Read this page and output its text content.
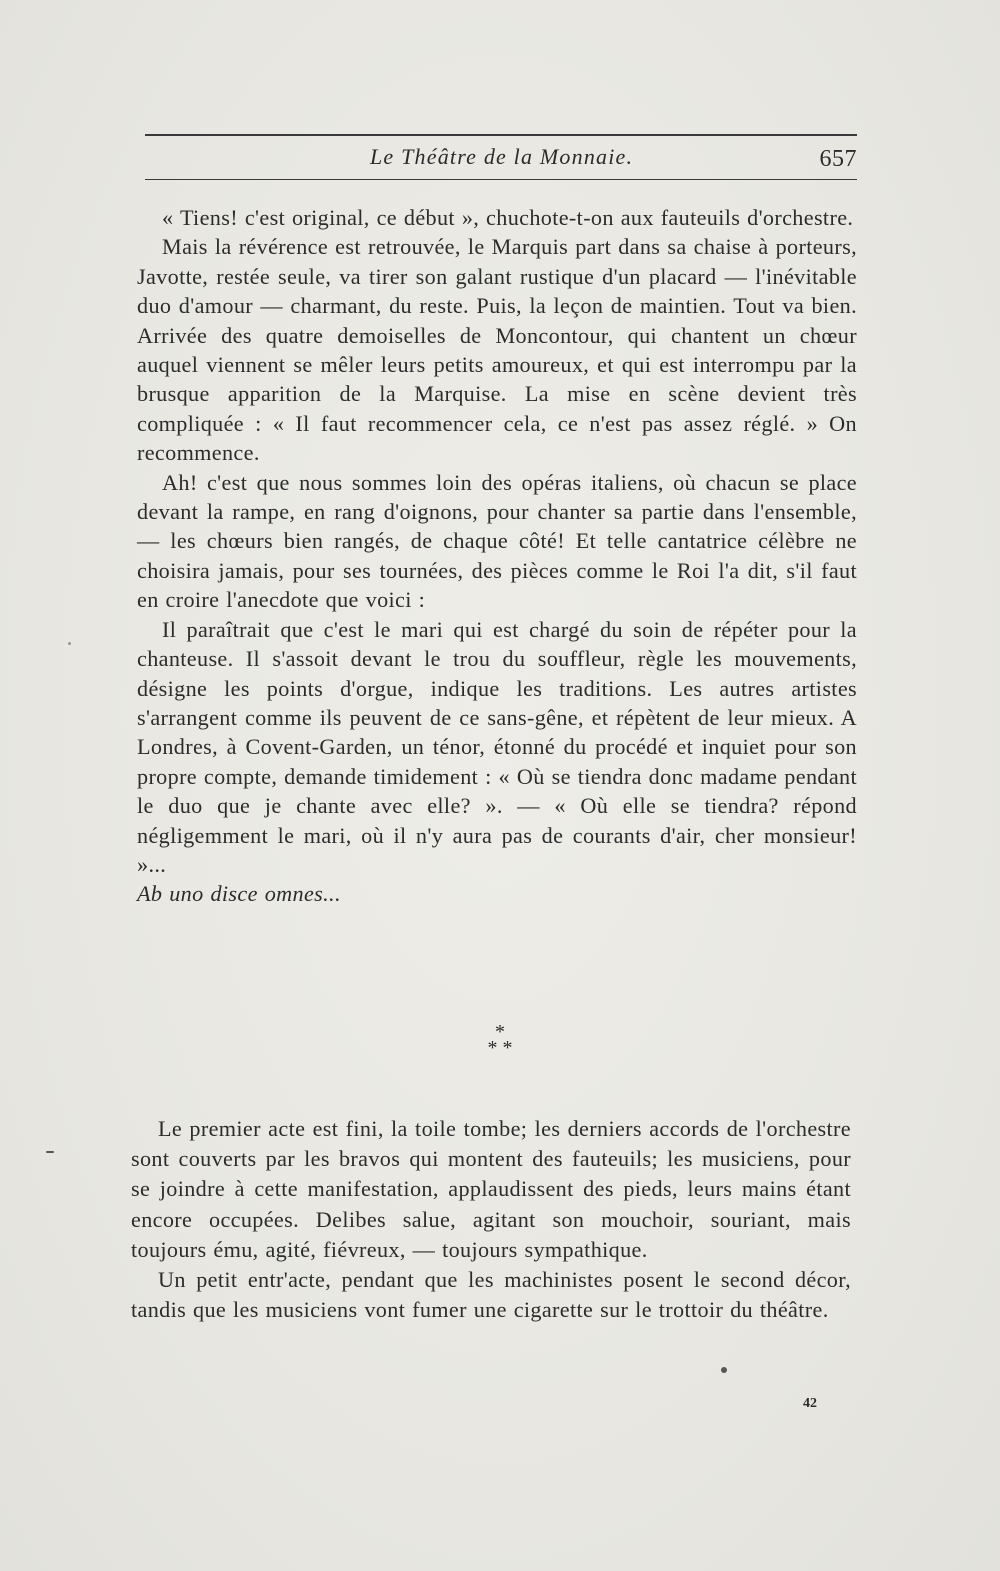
Le Théâtre de la Monnaie.	657

« Tiens! c'est original, ce début », chuchote-t-on aux fauteuils d'orchestre.

Mais la révérence est retrouvée, le Marquis part dans sa chaise à porteurs, Javotte, restée seule, va tirer son galant rustique d'un placard — l'inévitable duo d'amour — charmant, du reste. Puis, la leçon de maintien. Tout va bien. Arrivée des quatre demoiselles de Moncontour, qui chantent un chœur auquel viennent se mêler leurs petits amoureux, et qui est interrompu par la brusque apparition de la Marquise. La mise en scène devient très compliquée : « Il faut recommencer cela, ce n'est pas assez réglé. » On recommence.

Ah! c'est que nous sommes loin des opéras italiens, où chacun se place devant la rampe, en rang d'oignons, pour chanter sa partie dans l'ensemble, — les chœurs bien rangés, de chaque côté! Et telle cantatrice célèbre ne choisira jamais, pour ses tournées, des pièces comme le Roi l'a dit, s'il faut en croire l'anecdote que voici :

Il paraîtrait que c'est le mari qui est chargé du soin de répéter pour la chanteuse. Il s'assoit devant le trou du souffleur, règle les mouvements, désigne les points d'orgue, indique les traditions. Les autres artistes s'arrangent comme ils peuvent de ce sans-gêne, et répètent de leur mieux. A Londres, à Covent-Garden, un ténor, étonné du procédé et inquiet pour son propre compte, demande timidement : « Où se tiendra donc madame pendant le duo que je chante avec elle? ». — « Où elle se tiendra? répond négligemment le mari, où il n'y aura pas de courants d'air, cher monsieur! »...

Ab uno disce omnes...

*
* *

Le premier acte est fini, la toile tombe; les derniers accords de l'orchestre sont couverts par les bravos qui montent des fauteuils; les musiciens, pour se joindre à cette manifestation, applaudissent des pieds, leurs mains étant encore occupées. Delibes salue, agitant son mouchoir, souriant, mais toujours ému, agité, fiévreux, — toujours sympathique.

Un petit entr'acte, pendant que les machinistes posent le second décor, tandis que les musiciens vont fumer une cigarette sur le trottoir du théâtre.

42
